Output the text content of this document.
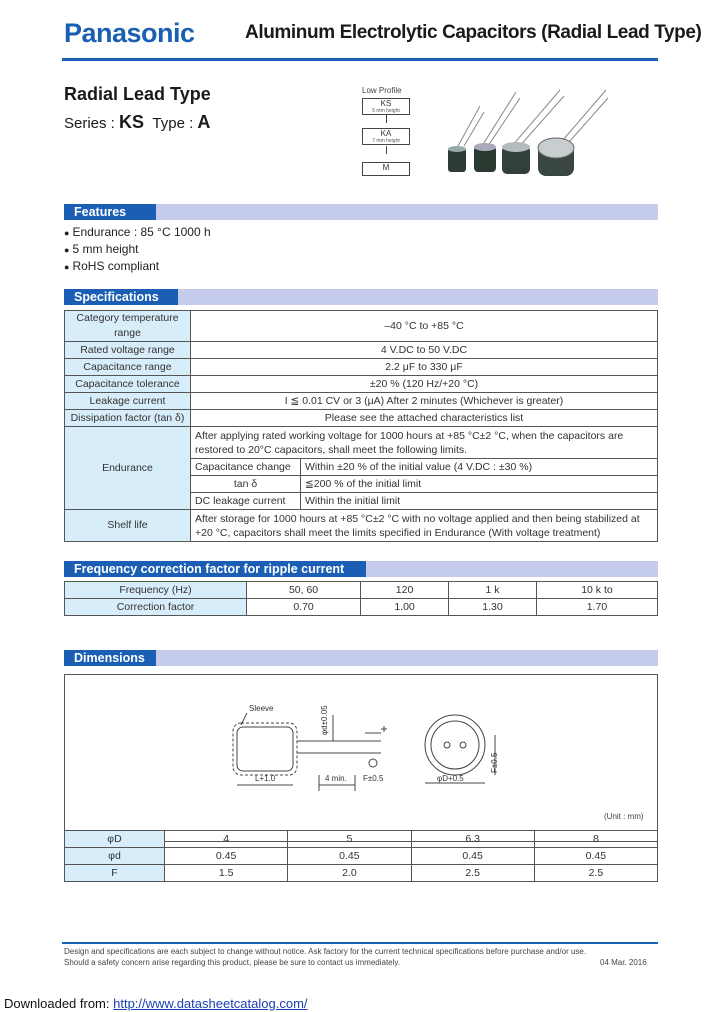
Panasonic	Aluminum Electrolytic Capacitors (Radial Lead Type)
Radial Lead Type
Series : KS Type : A
Low Profile
KS
5 mm height
KA
7 mm height
M
Features
● Endurance : 85 °C 1000 h
● 5 mm height
● RoHS compliant
Specifications
Category temperature range	–40 °C to +85 °C	
Rated voltage range	4 V.DC to 50 V.DC	
Capacitance range	2.2 μF to 330 μF	
Capacitance tolerance	±20 % (120 Hz/+20 °C)	
Leakage current	I ≦ 0.01 CV or 3 (μA) After 2 minutes (Whichever is greater)	
Dissipation factor (tan δ)	Please see the attached characteristics list	
Endurance	After applying rated working voltage for 1000 hours at +85 °C±2 °C, when the capacitors are restored to 20°C capacitors, shall meet the following limits.	
	Capacitance change	Within ±20 % of the initial value (4 V.DC : ±30 %)
	tan δ	≦200 % of the initial limit
	DC leakage current	Within the initial limit
Shelf life	After storage for 1000 hours at +85 °C±2 °C with no voltage applied and then being stabilized at +20 °C, capacitors shall meet the limits specified in Endurance (With voltage treatment)	
Frequency correction factor for ripple current
Frequency (Hz)	50, 60	120	1 k	10 k to
Correction factor	0.70	1.00	1.30	1.70
Dimensions
Sleeve
L+1.0	4 min. F±0.5	φD+0.5
φd±0.05
F±0.5
(Unit : mm)
φD	4	5	6.3	8
φd	0.45	0.45	0.45	0.45
F	1.5	2.0	2.5	2.5
Design and specifications are each subject to change without notice. Ask factory for the current technical specifications before purchase and/or use.
Should a safety concern arise regarding this product, please be sure to contact us immediately.	04 Mar. 2016
Downloaded from: http://www.datasheetcatalog.com/
